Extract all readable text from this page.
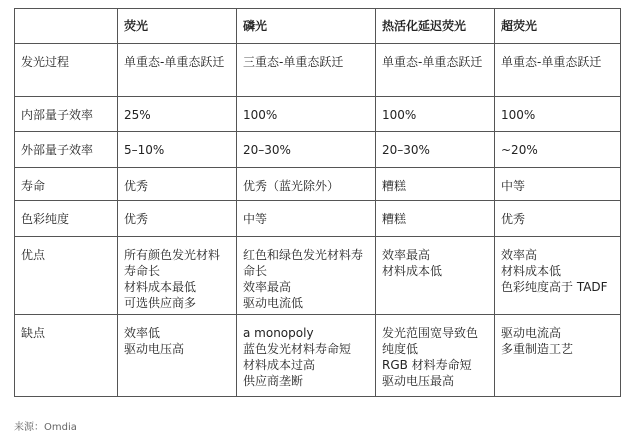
	荧光	磷光	热活化延迟荧光	超荧光
发光过程	单重态-单重态跃迁	三重态-单重态跃迁	单重态-单重态跃迁	单重态-单重态跃迁

内部量子效率	25%	100%	100%	100%

外部量子效率	5–10%	20–30%	20–30%	~20%

寿命	优秀	优秀（蓝光除外）	糟糕	中等

色彩纯度	优秀	中等	糟糕	优秀

优点	所有颜色发光材料寿命长
材料成本最低
可选供应商多	红色和绿色发光材料寿命长
效率最高
驱动电流低	效率最高
材料成本低	效率高
材料成本低
色彩纯度高于 TADF

缺点	效率低
驱动电压高	a monopoly
蓝色发光材料寿命短
材料成本过高
供应商垄断	发光范围宽导致色纯度低
RGB 材料寿命短
驱动电压最高	驱动电流高
多重制造工艺
来源：Omdia
